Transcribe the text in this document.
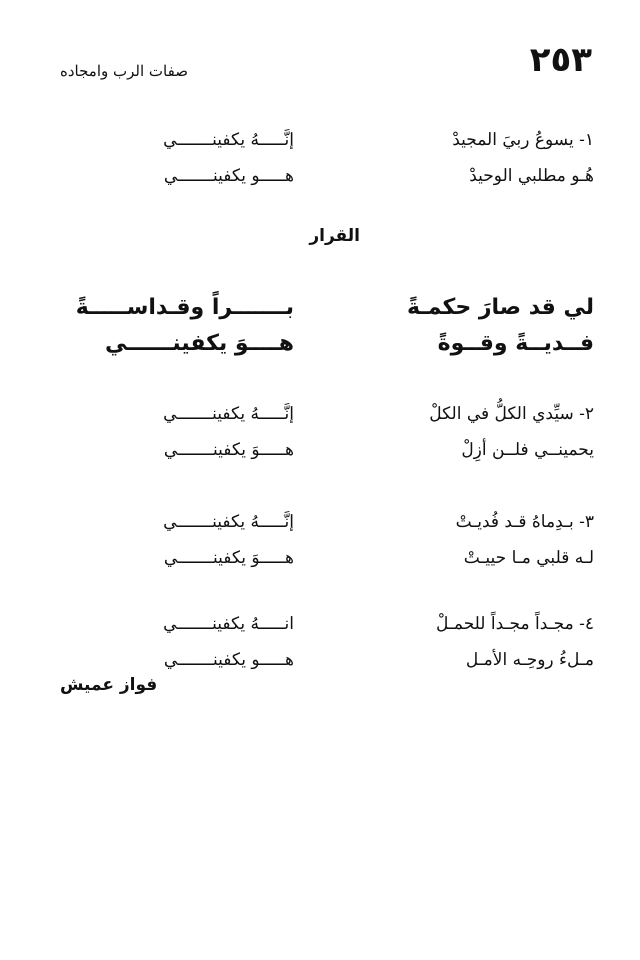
٢٥٣
صفات الرب وامجاده
١- يسوعُ ربيَ المجيدْ
إنَّـــــهُ يكفينـــــــي
هُـو مطلبي الوحيدْ
هـــــو يكفينـــــــي
القرار
لي قد صارَ حكمـةً
بـــــــراً وقـداســـــةً
فــديــةً وقــوةً
هــــوَ يكفينــــــي
٢- سيِّدي الكلُّ في الكلْ
إنَّـــــهُ يكفينـــــــي
يحمينــي فلــن أزِلْ
هـــــوَ يكفينـــــــي
٣- بـدِماهُ قـد فُديـتْ
إنَّـــــهُ يكفينـــــــي
لـه قلبي مـا حييـتْ
هـــــوَ يكفينـــــــي
٤- مجـداً مجـداً للحمـلْ
انـــــهُ يكفينـــــــي
مـلءُ روحِـه الأمـل
هـــــو يكفينـــــــي
فواز عميش
